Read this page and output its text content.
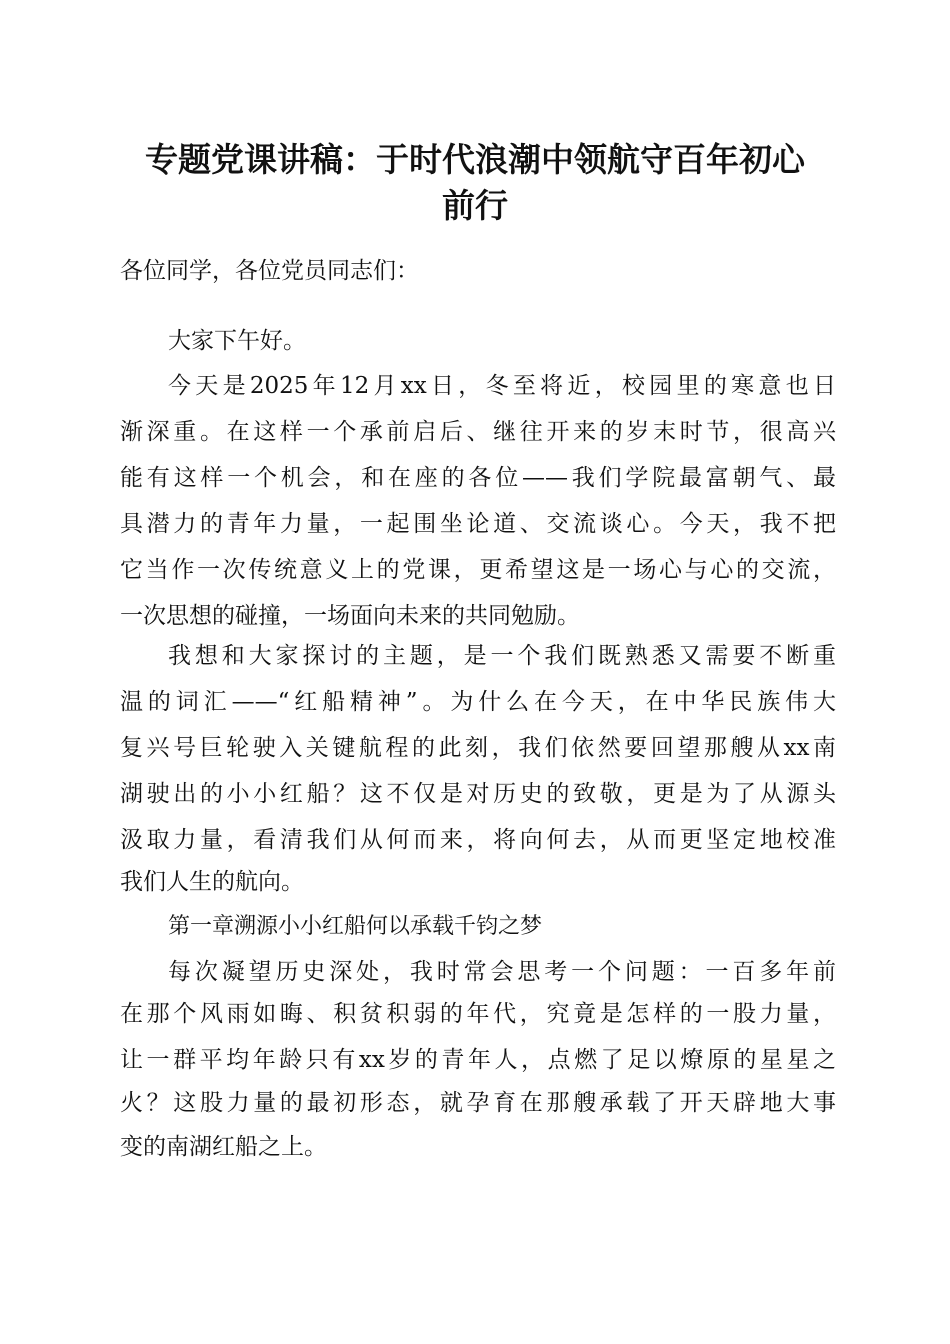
专题党课讲稿：于时代浪潮中领航守百年初心
前行
各位同学，各位党员同志们：
大家下午好。
今天是2025年12月xx日，冬至将近，校园里的寒意也日
渐深重。在这样一个承前启后、继往开来的岁末时节，很高兴
能有这样一个机会，和在座的各位——我们学院最富朝气、最
具潜力的青年力量，一起围坐论道、交流谈心。今天，我不把
它当作一次传统意义上的党课，更希望这是一场心与心的交流，
一次思想的碰撞，一场面向未来的共同勉励。
我想和大家探讨的主题，是一个我们既熟悉又需要不断重
温的词汇——“红船精神”。为什么在今天，在中华民族伟大
复兴号巨轮驶入关键航程的此刻，我们依然要回望那艘从xx南
湖驶出的小小红船？这不仅是对历史的致敬，更是为了从源头
汲取力量，看清我们从何而来，将向何去，从而更坚定地校准
我们人生的航向。
第一章溯源小小红船何以承载千钧之梦
每次凝望历史深处，我时常会思考一个问题：一百多年前
在那个风雨如晦、积贫积弱的年代，究竟是怎样的一股力量，
让一群平均年龄只有xx岁的青年人，点燃了足以燎原的星星之
火？这股力量的最初形态，就孕育在那艘承载了开天辟地大事
变的南湖红船之上。
